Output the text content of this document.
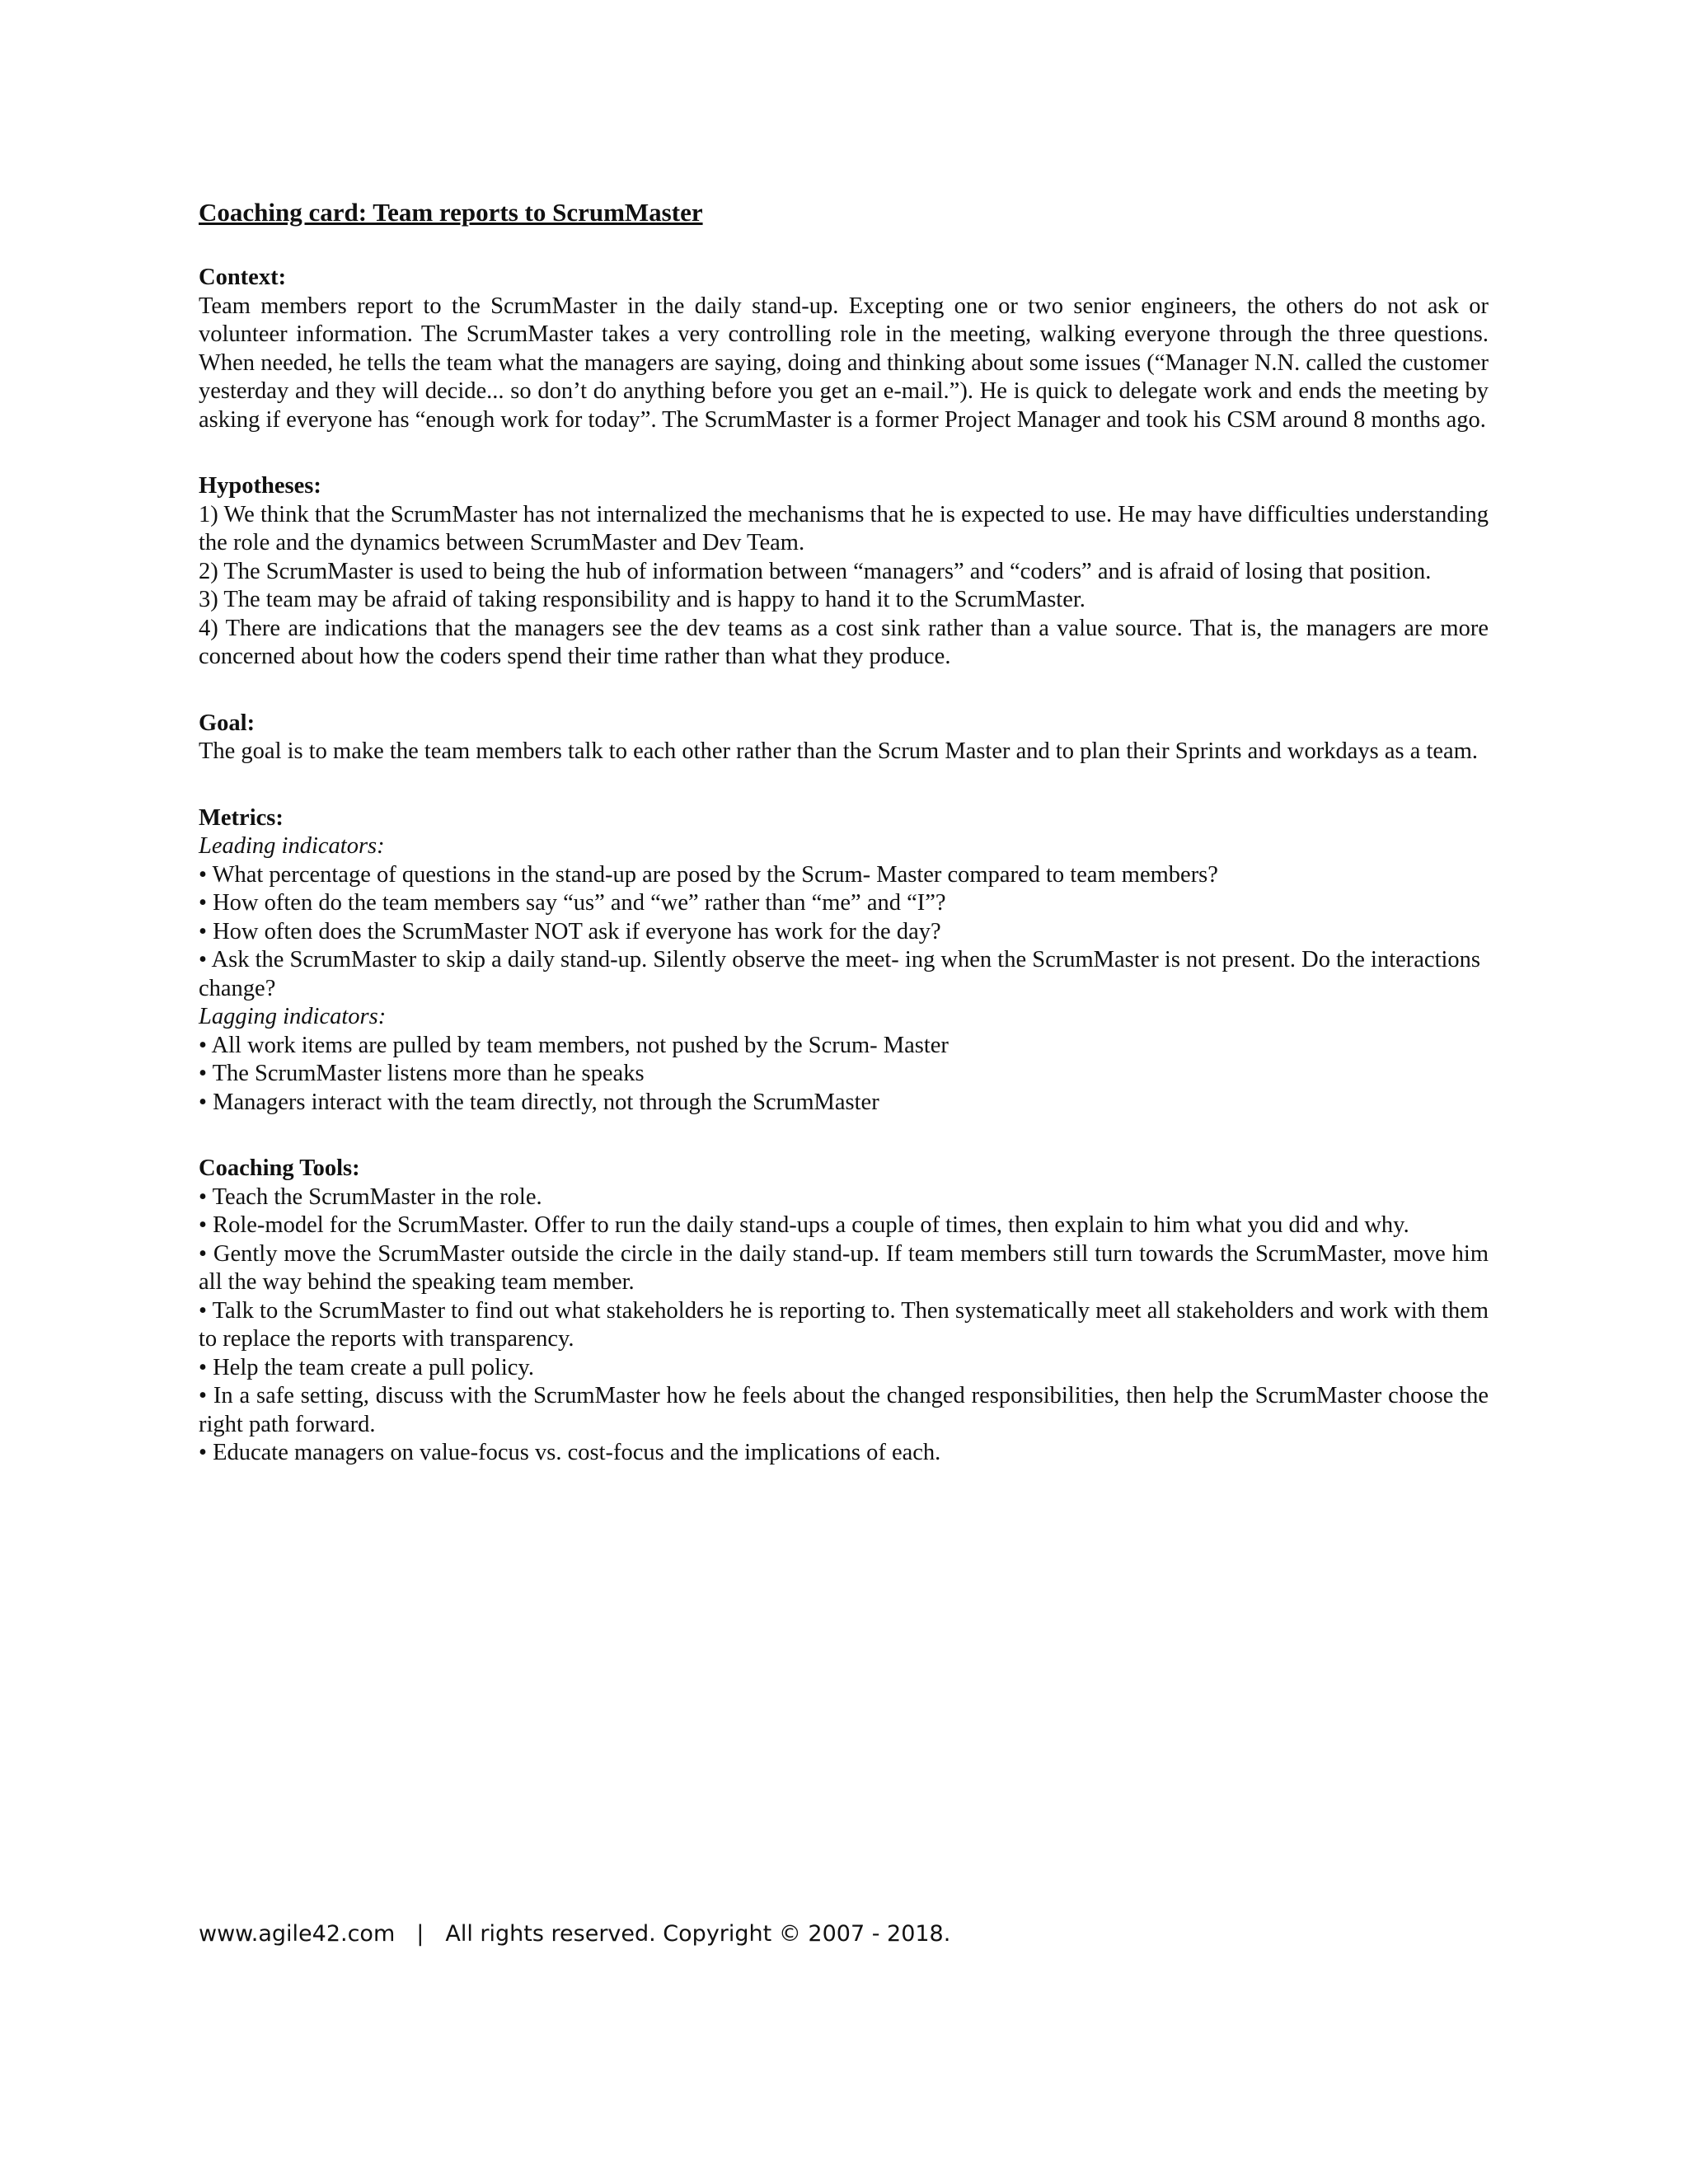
Coaching card: Team reports to ScrumMaster
Context:
Team members report to the ScrumMaster in the daily stand-up. Excepting one or two senior engineers, the others do not ask or volunteer information. The ScrumMaster takes a very controlling role in the meeting, walking everyone through the three questions. When needed, he tells the team what the managers are saying, doing and thinking about some issues (“Manager N.N. called the customer yesterday and they will decide... so don’t do anything before you get an e-mail.”). He is quick to delegate work and ends the meeting by asking if everyone has “enough work for today”. The ScrumMaster is a former Project Manager and took his CSM around 8 months ago.
Hypotheses:
1) We think that the ScrumMaster has not internalized the mechanisms that he is expected to use. He may have difficulties understanding the role and the dynamics between ScrumMaster and Dev Team.
2) The ScrumMaster is used to being the hub of information between “managers” and “coders” and is afraid of losing that position.
3) The team may be afraid of taking responsibility and is happy to hand it to the ScrumMaster.
4) There are indications that the managers see the dev teams as a cost sink rather than a value source. That is, the managers are more concerned about how the coders spend their time rather than what they produce.
Goal:
The goal is to make the team members talk to each other rather than the Scrum Master and to plan their Sprints and workdays as a team.
Metrics:
Leading indicators:
• What percentage of questions in the stand-up are posed by the Scrum- Master compared to team members?
• How often do the team members say “us” and “we” rather than “me” and “I”?
• How often does the ScrumMaster NOT ask if everyone has work for the day?
• Ask the ScrumMaster to skip a daily stand-up. Silently observe the meet- ing when the ScrumMaster is not present. Do the interactions change?
Lagging indicators:
• All work items are pulled by team members, not pushed by the Scrum- Master
• The ScrumMaster listens more than he speaks
• Managers interact with the team directly, not through the ScrumMaster
Coaching Tools:
• Teach the ScrumMaster in the role.
• Role-model for the ScrumMaster. Offer to run the daily stand-ups a couple of times, then explain to him what you did and why.
• Gently move the ScrumMaster outside the circle in the daily stand-up. If team members still turn towards the ScrumMaster, move him all the way behind the speaking team member.
• Talk to the ScrumMaster to find out what stakeholders he is reporting to. Then systematically meet all stakeholders and work with them to replace the reports with transparency.
• Help the team create a pull policy.
• In a safe setting, discuss with the ScrumMaster how he feels about the changed responsibilities, then help the ScrumMaster choose the right path forward.
• Educate managers on value-focus vs. cost-focus and the implications of each.
www.agile42.com | All rights reserved. Copyright © 2007 - 2018.
